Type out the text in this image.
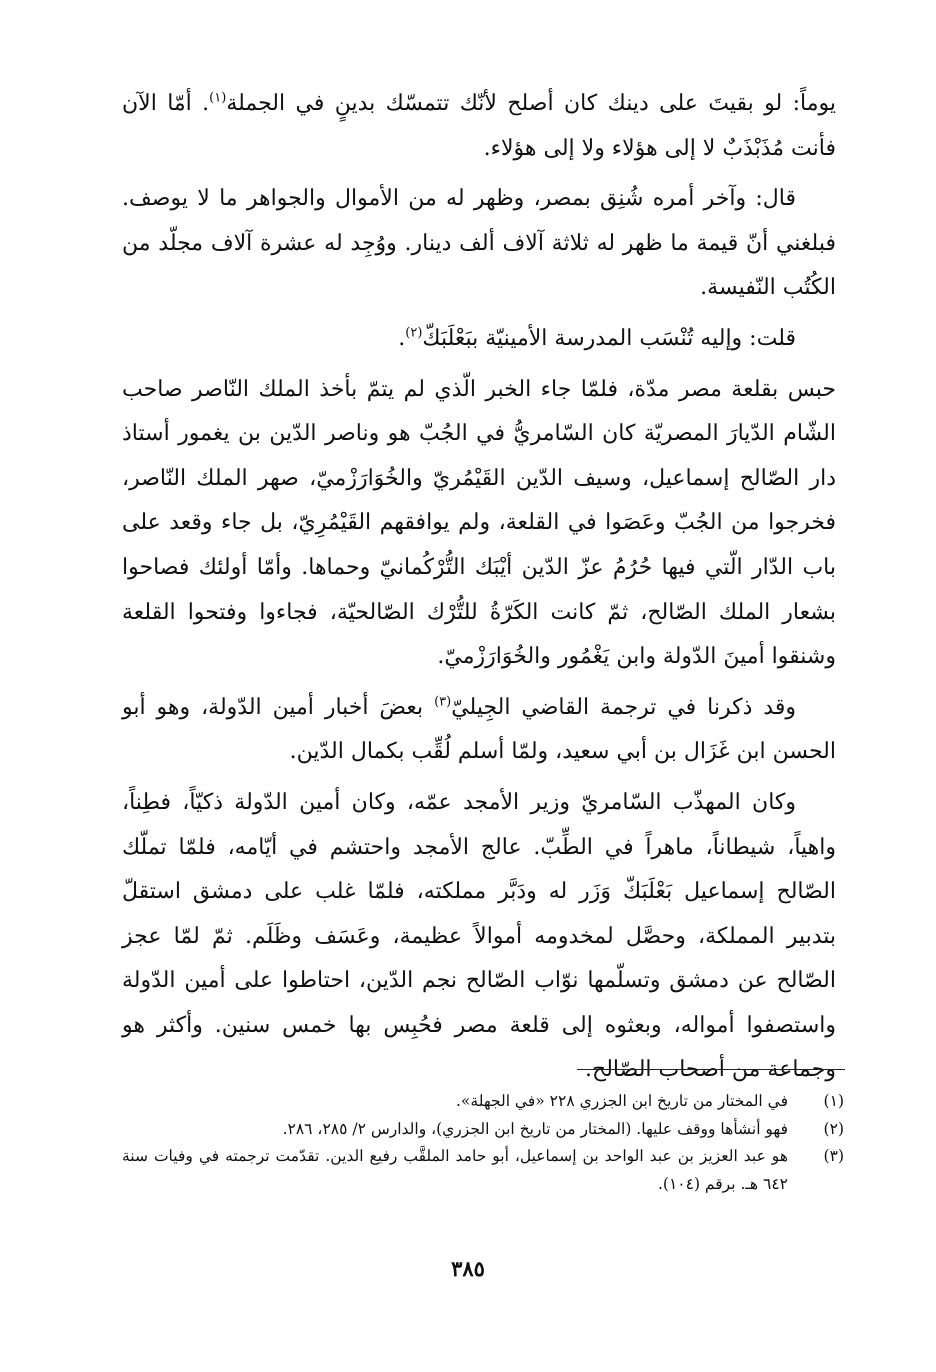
يوماً: لو بقيتَ على دينك كان أصلح لأنّك تتمسّك بدينٍ في الجملة$^{(١)}$. أمّا الآن فأنت مُذَبْذَبٌ لا إلى هؤلاء ولا إلى هؤلاء.

قال: وآخر أمره شُنِق بمصر، وظهر له من الأموال والجواهر ما لا يوصف. فبلغني أنّ قيمة ما ظهر له ثلاثة آلاف ألف دينار. ووُجِد له عشرة آلاف مجلّد من الكُتُب النّفيسة.

قلت: وإليه تُنْسَب المدرسة الأمينيّة ببَعْلَبَكّ$^{(٢)}$.

حبس بقلعة مصر مدّة، فلمّا جاء الخبر الّذي لم يتمّ بأخذ الملك النّاصر صاحب الشّام الدّيارَ المصريّة كان السّامريُّ في الجُبّ هو وناصر الدّين بن يغمور أستاذ دار الصّالح إسماعيل، وسيف الدّين القَيْمُريّ والخُوَارَزْميّ، صهر الملك النّاصر، فخرجوا من الجُبّ وعَصَوا في القلعة، ولم يوافقهم القَيْمُرِيّ، بل جاء وقعد على باب الدّار الّتي فيها حُرُمُ عزّ الدّين أيْبَك التُّرْكُمانيّ وحماها. وأمّا أولئك فصاحوا بشعار الملك الصّالح، ثمّ كانت الكَرّةُ للتُّرْك الصّالحيّة، فجاءوا وفتحوا القلعة وشنقوا أمينَ الدّولة وابن يَغْمُور والخُوَارَزْميّ.

وقد ذكرنا في ترجمة القاضي الجِيليّ$^{(٣)}$ بعضَ أخبار أمين الدّولة، وهو أبو الحسن ابن غَزَال بن أبي سعيد، ولمّا أسلم لُقِّب بكمال الدّين.

وكان المهذّب السّامريّ وزير الأمجد عمّه، وكان أمين الدّولة ذكيّاً، فطِناً، واهياً، شيطاناً، ماهراً في الطِّبّ. عالج الأمجد واحتشم في أيّامه، فلمّا تملّك الصّالح إسماعيل بَعْلَبَكّ وَزَر له ودَبَّر مملكته، فلمّا غلب على دمشق استقلّ بتدبير المملكة، وحصَّل لمخدومه أموالاً عظيمة، وعَسَف وظَلَم. ثمّ لمّا عجز الصّالح عن دمشق وتسلّمها نوّاب الصّالح نجم الدّين، احتاطوا على أمين الدّولة واستصفوا أمواله، وبعثوه إلى قلعة مصر فحُبِس بها خمس سنين. وأكثر هو وجماعة من أصحاب الصّالح.

(١)
في المختار من تاريخ ابن الجزري ٢٢٨ «في الجهلة».
(٢)
فهو أنشأها ووقف عليها. (المختار من تاريخ ابن الجزري)، والدارس ٢/ ٢٨٥، ٢٨٦.
(٣)
هو عبد العزيز بن عبد الواحد بن إسماعيل، أبو حامد الملقَّب رفيع الدين. تقدّمت ترجمته في وفيات سنة ٦٤٢ هـ. برقم (١٠٤).
٣٨٥
